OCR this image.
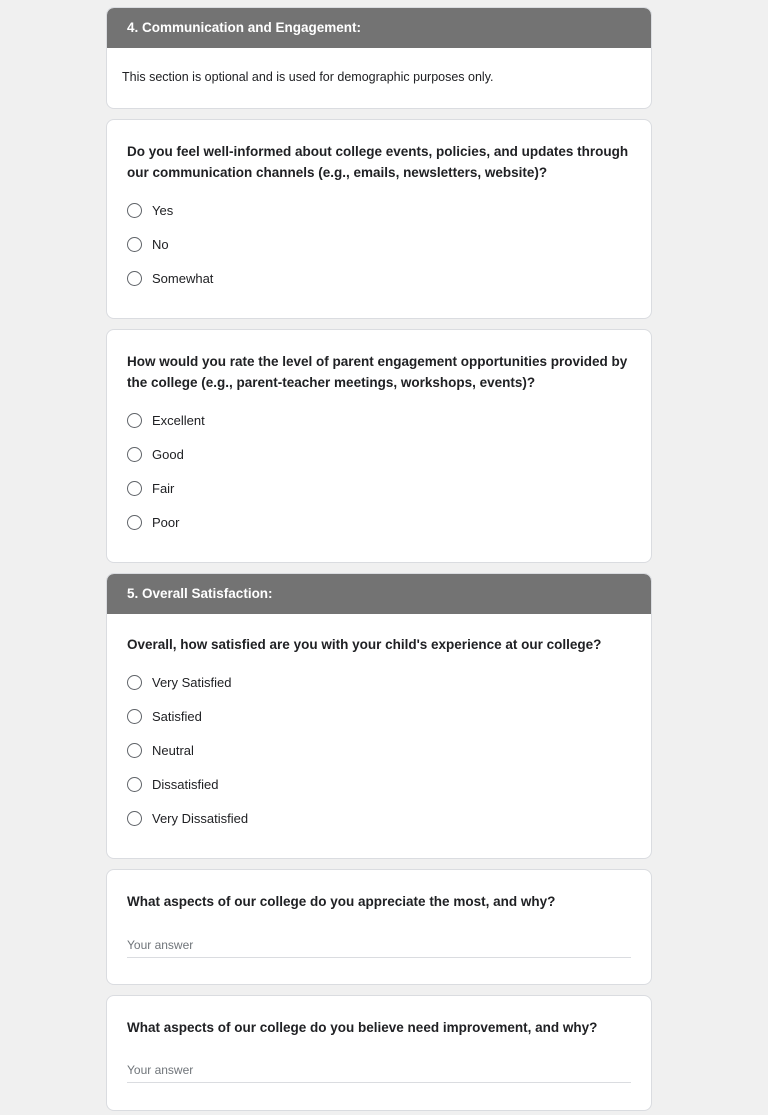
4. Communication and Engagement:
This section is optional and is used for demographic purposes only.
Do you feel well-informed about college events, policies, and updates through our communication channels (e.g., emails, newsletters, website)?
Yes
No
Somewhat
How would you rate the level of parent engagement opportunities provided by the college (e.g., parent-teacher meetings, workshops, events)?
Excellent
Good
Fair
Poor
5. Overall Satisfaction:
Overall, how satisfied are you with your child's experience at our college?
Very Satisfied
Satisfied
Neutral
Dissatisfied
Very Dissatisfied
What aspects of our college do you appreciate the most, and why?
Your answer
What aspects of our college do you believe need improvement, and why?
Your answer
